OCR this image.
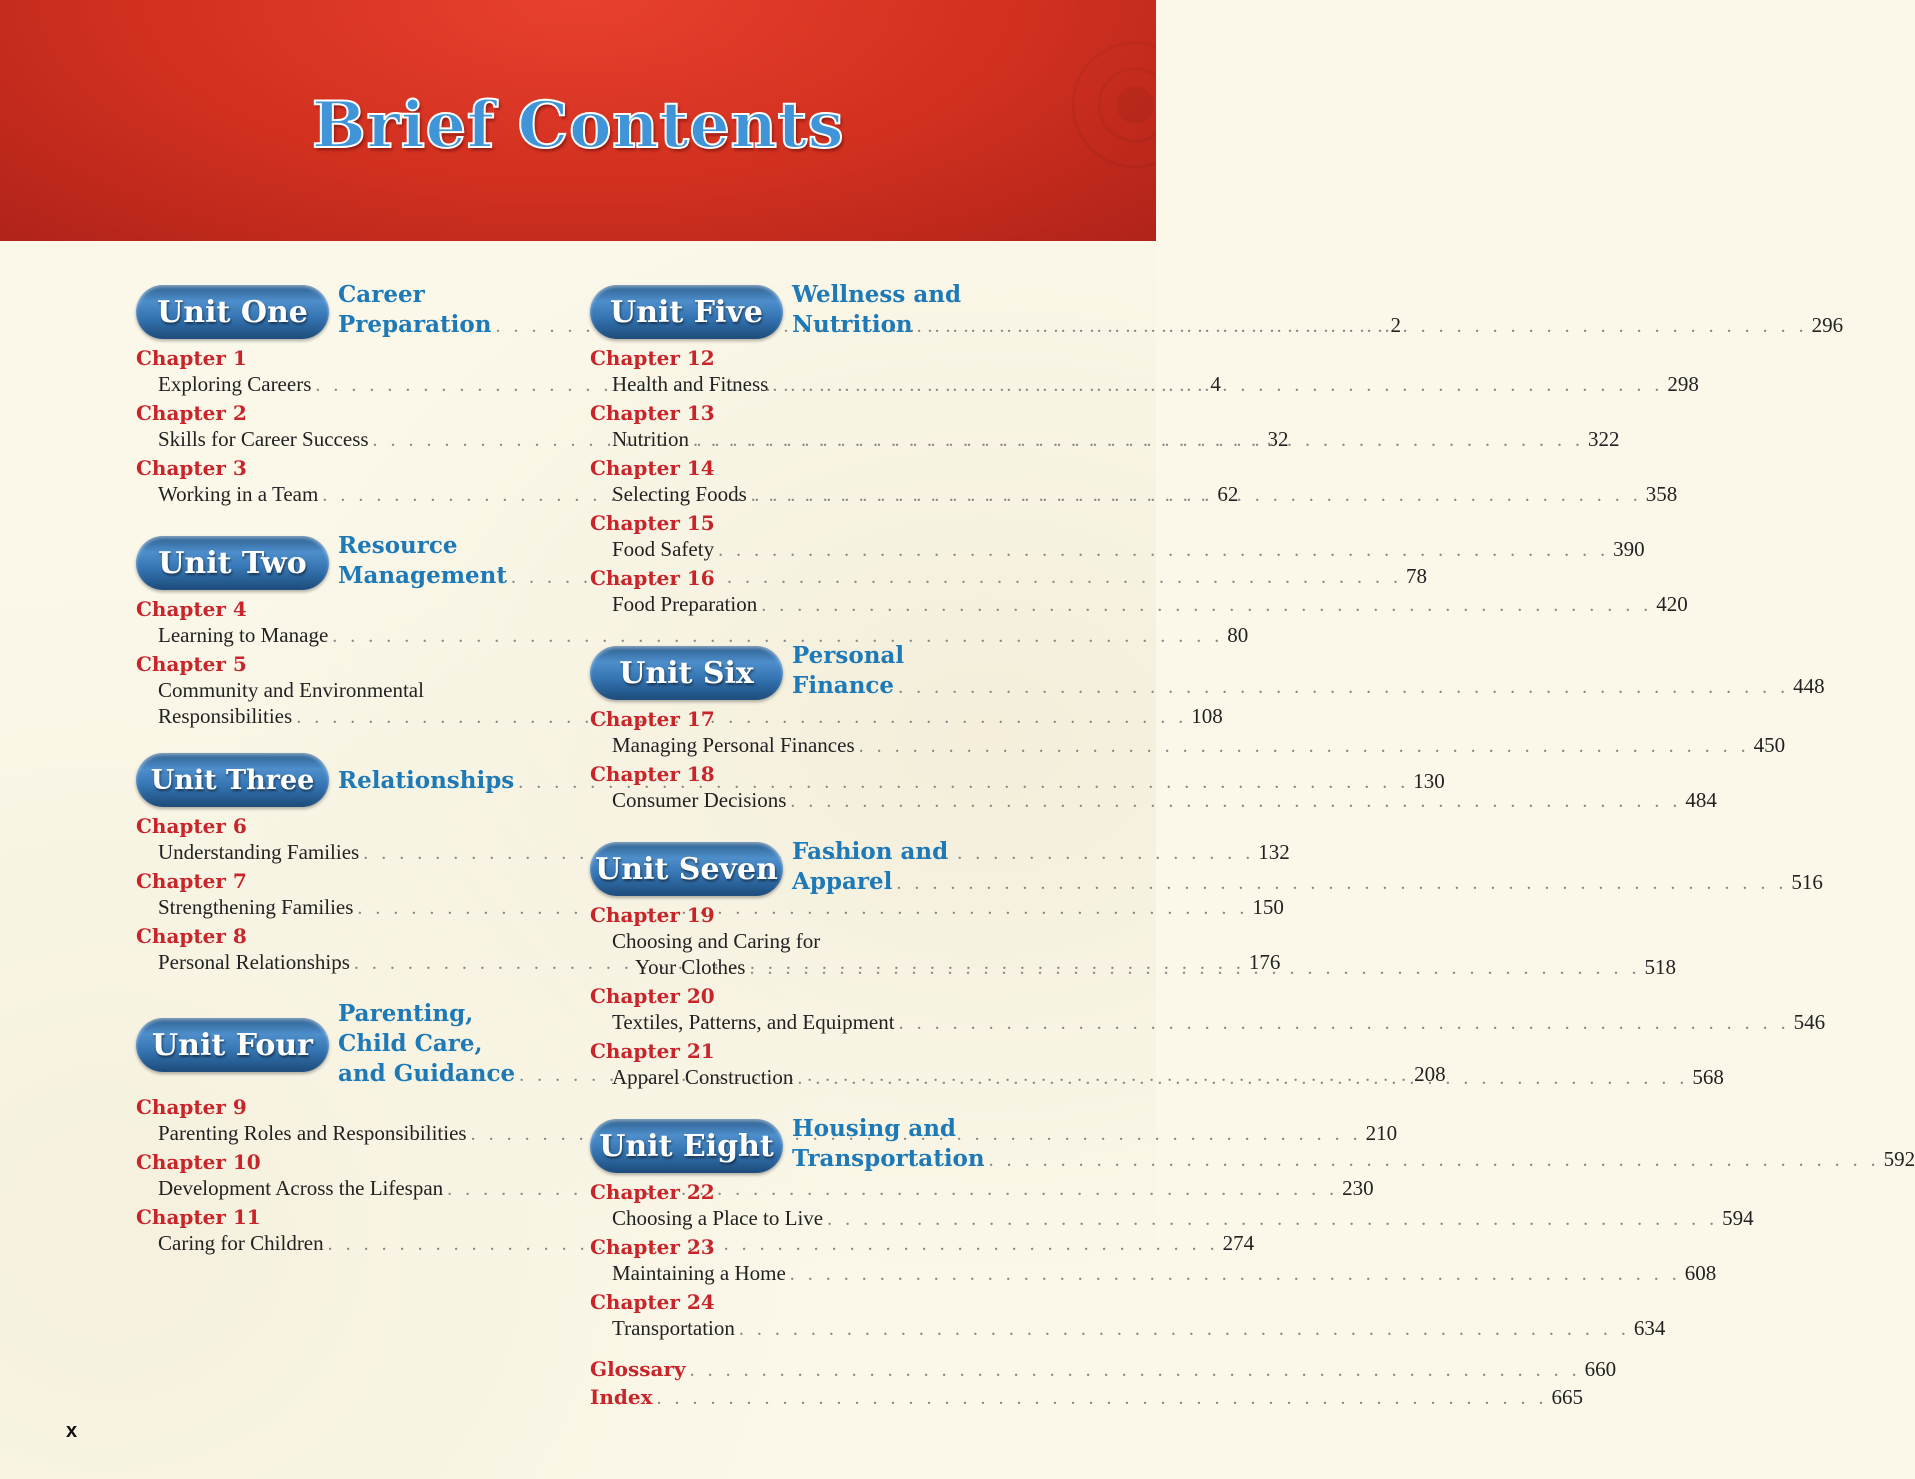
Brief Contents
Unit One	Career
Preparation . . .	2
Chapter 1
Exploring Careers . . .	4
Chapter 2
Skills for Career Success . . .	32
Chapter 3
Working in a Team . . .	62
Unit Two	Resource
Management . . .	78
Chapter 4
Learning to Manage . . .	80
Chapter 5
Community and Environmental
Responsibilities . . .	108
Unit Three	Relationships . . .	130
Chapter 6
Understanding Families . . .	132
Chapter 7
Strengthening Families . . .	150
Chapter 8
Personal Relationships . . .	176
Unit Four
Parenting,
Child Care,
and Guidance . . .	208
Chapter 9
Parenting Roles and Responsibilities . . .	210
Chapter 10
Development Across the Lifespan . . .	230
Chapter 11
Caring for Children . . .	274
Unit Five	Wellness and
Nutrition . . .	296
Chapter 12
Health and Fitness . . .	298
Chapter 13
Nutrition . . .	322
Chapter 14
Selecting Foods . . .	358
Chapter 15
Food Safety . . .	390
Chapter 16
Food Preparation . . .	420
Unit Six	Personal
Finance . . .	448
Chapter 17
Managing Personal Finances . . .	450
Chapter 18
Consumer Decisions . . .	484
Unit Seven Fashion and
Apparel . . .	516
Chapter 19
Choosing and Caring for
Your Clothes . . .	518
Chapter 20
Textiles, Patterns, and Equipment . . .	546
Chapter 21
Apparel Construction . . .	568
Unit Eight Housing and
Transportation . . .	592
Chapter 22
Choosing a Place to Live . . .	594
Chapter 23
Maintaining a Home . . .	608
Chapter 24
Transportation . . .	634
Glossary . . .	660
Index . . .	665
x
